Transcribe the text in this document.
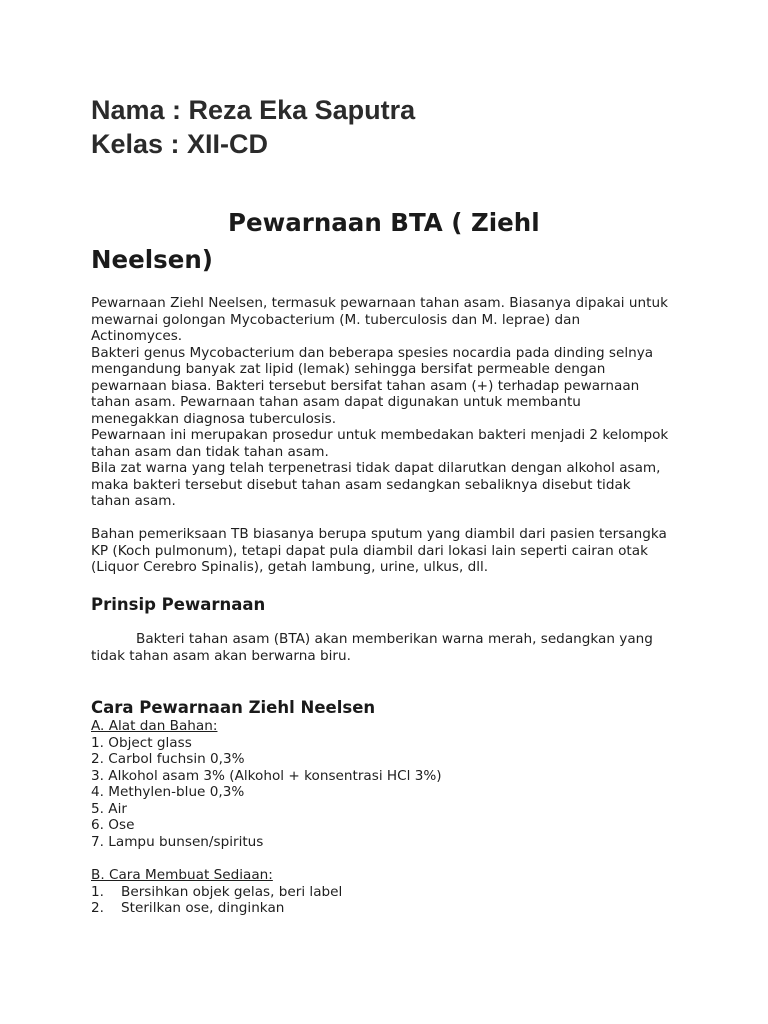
Nama : Reza Eka Saputra
Kelas : XII-CD
Pewarnaan BTA ( Ziehl
Neelsen)
Pewarnaan Ziehl Neelsen, termasuk pewarnaan tahan asam. Biasanya dipakai untuk
mewarnai golongan Mycobacterium (M. tuberculosis dan M. leprae) dan
Actinomyces.
Bakteri genus Mycobacterium dan beberapa spesies nocardia pada dinding selnya
mengandung banyak zat lipid (lemak) sehingga bersifat permeable dengan
pewarnaan biasa. Bakteri tersebut bersifat tahan asam (+) terhadap pewarnaan
tahan asam. Pewarnaan tahan asam dapat digunakan untuk membantu
menegakkan diagnosa tuberculosis.
Pewarnaan ini merupakan prosedur untuk membedakan bakteri menjadi 2 kelompok
tahan asam dan tidak tahan asam.
Bila zat warna yang telah terpenetrasi tidak dapat dilarutkan dengan alkohol asam,
maka bakteri tersebut disebut tahan asam sedangkan sebaliknya disebut tidak
tahan asam.
Bahan pemeriksaan TB biasanya berupa sputum yang diambil dari pasien tersangka
KP (Koch pulmonum), tetapi dapat pula diambil dari lokasi lain seperti cairan otak
(Liquor Cerebro Spinalis), getah lambung, urine, ulkus, dll.
Prinsip Pewarnaan
Bakteri tahan asam (BTA) akan memberikan warna merah, sedangkan yang
tidak tahan asam akan berwarna biru.
Cara Pewarnaan Ziehl Neelsen
A. Alat dan Bahan:
1. Object glass
2. Carbol fuchsin 0,3%
3. Alkohol asam 3% (Alkohol + konsentrasi HCl 3%)
4. Methylen-blue 0,3%
5. Air
6. Ose
7. Lampu bunsen/spiritus
B. Cara Membuat Sediaan:
1. Bersihkan objek gelas, beri label
2. Sterilkan ose, dinginkan
